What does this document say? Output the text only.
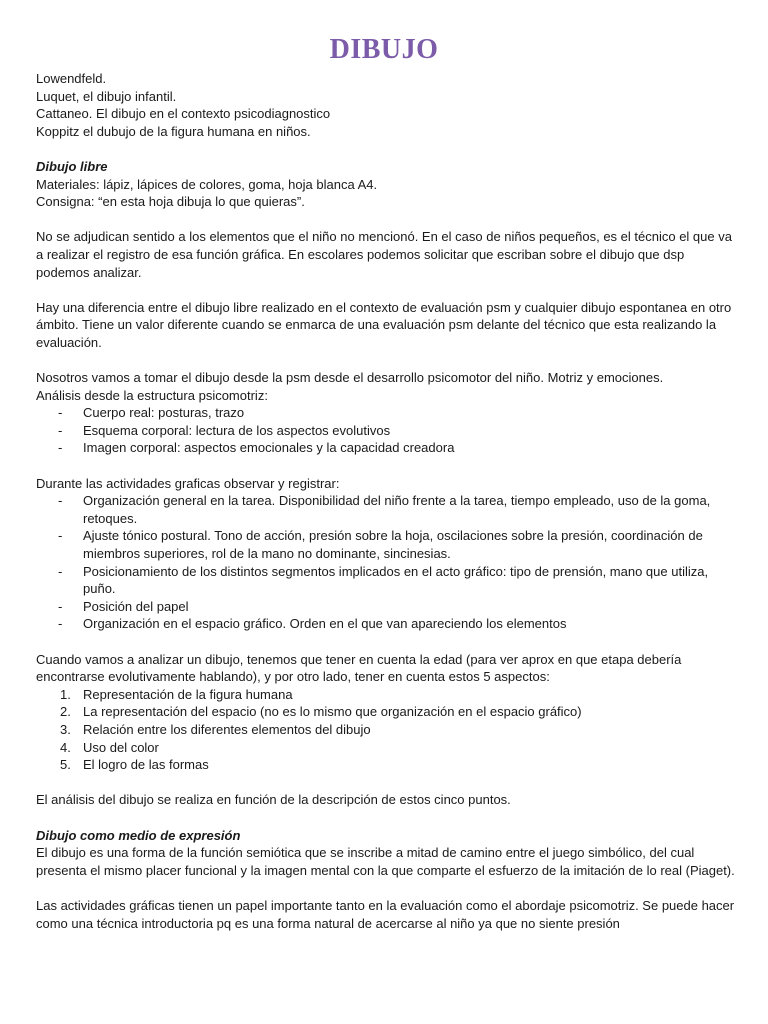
DIBUJO

Lowendfeld.

Luquet, el dibujo infantil.

Cattaneo. El dibujo en el contexto psicodiagnostico

Koppitz el dubujo de la figura humana en niños.

Dibujo libre

Materiales: lápiz, lápices de colores, goma, hoja blanca A4.

Consigna: “en esta hoja dibuja lo que quieras”.

No se adjudican sentido a los elementos que el niño no mencionó. En el caso de niños pequeños, es el técnico el que va a realizar el registro de esa función gráfica. En escolares podemos solicitar que escriban sobre el dibujo que dsp podemos analizar.

Hay una diferencia entre el dibujo libre realizado en el contexto de evaluación psm y cualquier dibujo espontanea en otro ámbito. Tiene un valor diferente cuando se enmarca de una evaluación psm delante del técnico que esta realizando la evaluación.

Nosotros vamos a tomar el dibujo desde la psm desde el desarrollo psicomotor del niño. Motriz y emociones.

Análisis desde la estructura psicomotriz:

- Cuerpo real: posturas, trazo
- Esquema corporal: lectura de los aspectos evolutivos
- Imagen corporal: aspectos emocionales y la capacidad creadora

Durante las actividades graficas observar y registrar:

- Organización general en la tarea. Disponibilidad del niño frente a la tarea, tiempo empleado, uso de la goma, retoques.
- Ajuste tónico postural. Tono de acción, presión sobre la hoja, oscilaciones sobre la presión, coordinación de miembros superiores, rol de la mano no dominante, sincinesias.
- Posicionamiento de los distintos segmentos implicados en el acto gráfico: tipo de prensión, mano que utiliza, puño.
- Posición del papel
- Organización en el espacio gráfico. Orden en el que van apareciendo los elementos

Cuando vamos a analizar un dibujo, tenemos que tener en cuenta la edad (para ver aprox en que etapa debería encontrarse evolutivamente hablando), y por otro lado, tener en cuenta estos 5 aspectos:

1. Representación de la figura humana
2. La representación del espacio (no es lo mismo que organización en el espacio gráfico)
3. Relación entre los diferentes elementos del dibujo
4. Uso del color
5. El logro de las formas

El análisis del dibujo se realiza en función de la descripción de estos cinco puntos.

Dibujo como medio de expresión

El dibujo es una forma de la función semiótica que se inscribe a mitad de camino entre el juego simbólico, del cual presenta el mismo placer funcional y la imagen mental con la que comparte el esfuerzo de la imitación de lo real (Piaget).

Las actividades gráficas tienen un papel importante tanto en la evaluación como el abordaje psicomotriz. Se puede hacer como una técnica introductoria pq es una forma natural de acercarse al niño ya que no siente presión
